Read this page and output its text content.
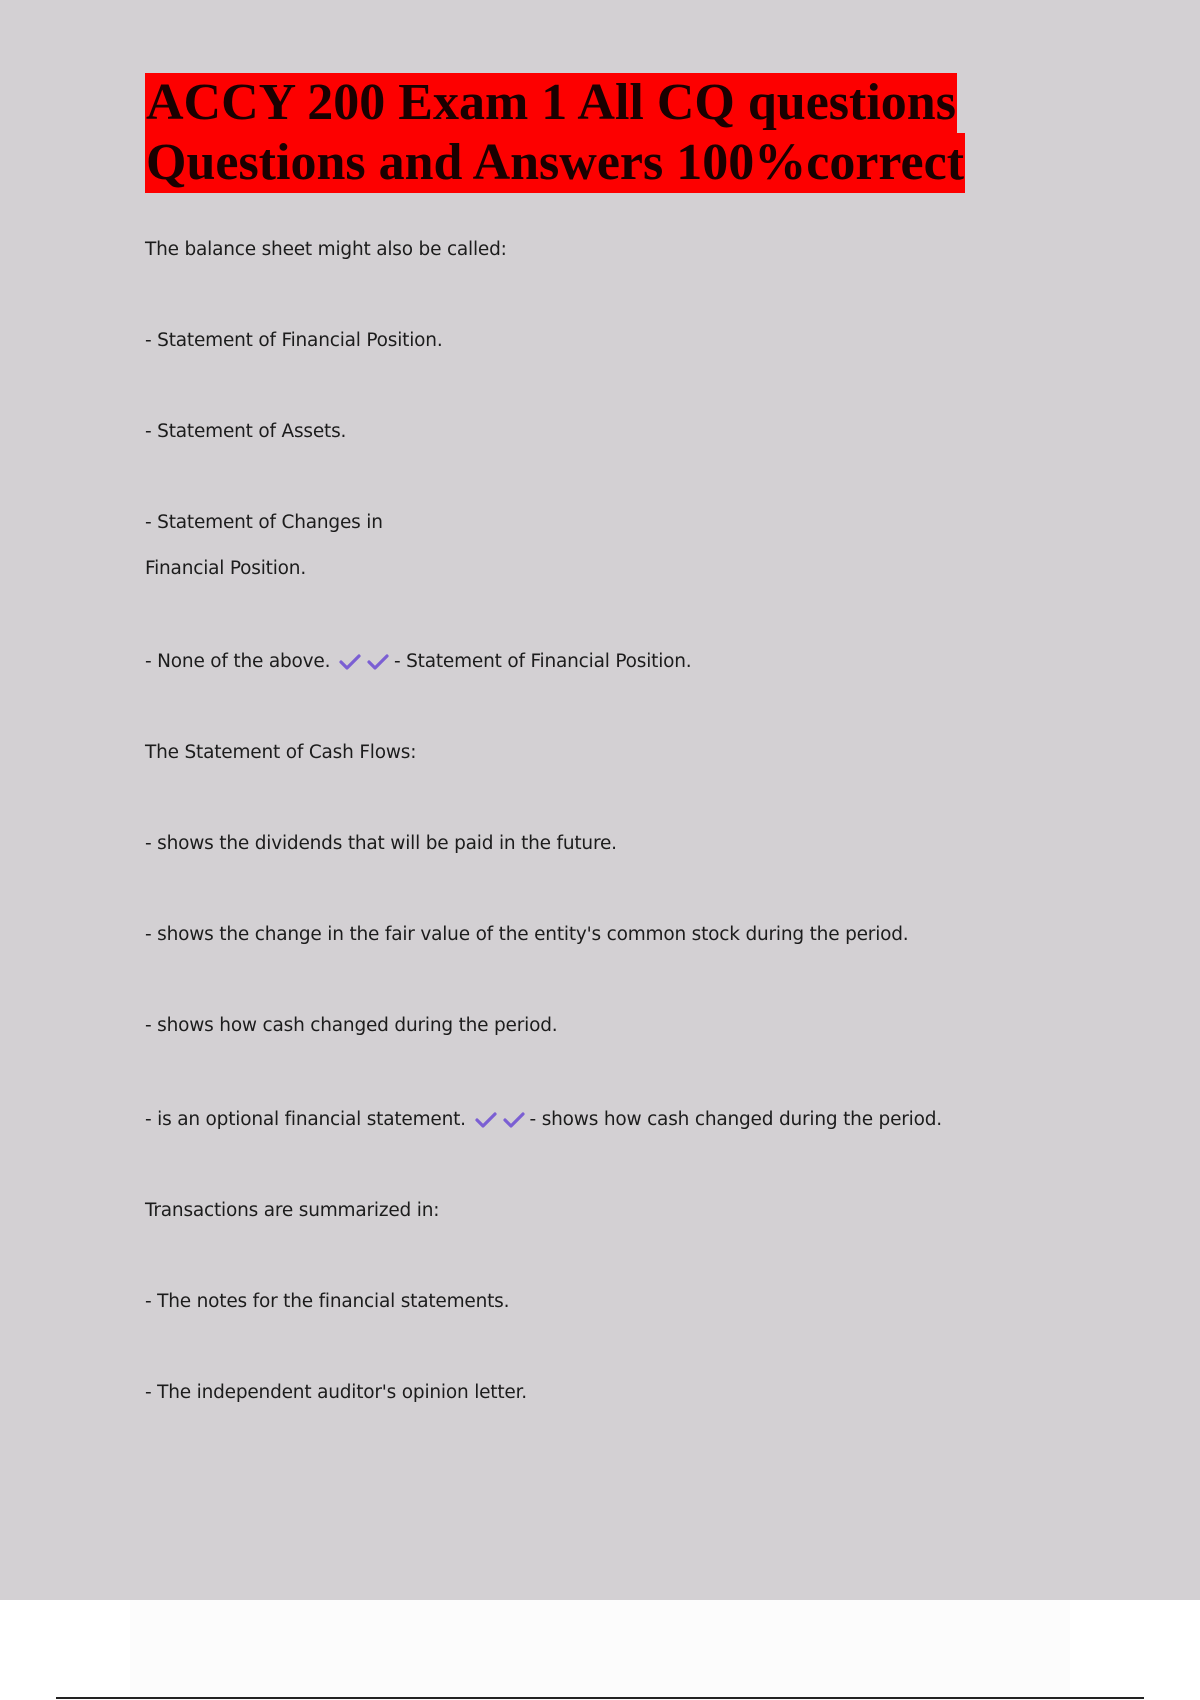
ACCY 200 Exam 1 All CQ questions
Questions and Answers 100%correct
The balance sheet might also be called:
- Statement of Financial Position.
- Statement of Assets.
- Statement of Changes in
Financial Position.
- None of the above.	- Statement of Financial Position.
The Statement of Cash Flows:
- shows the dividends that will be paid in the future.
- shows the change in the fair value of the entity's common stock during the period.
- shows how cash changed during the period.
- is an optional financial statement.	- shows how cash changed during the period.
Transactions are summarized in:
- The notes for the financial statements.
- The independent auditor's opinion letter.
